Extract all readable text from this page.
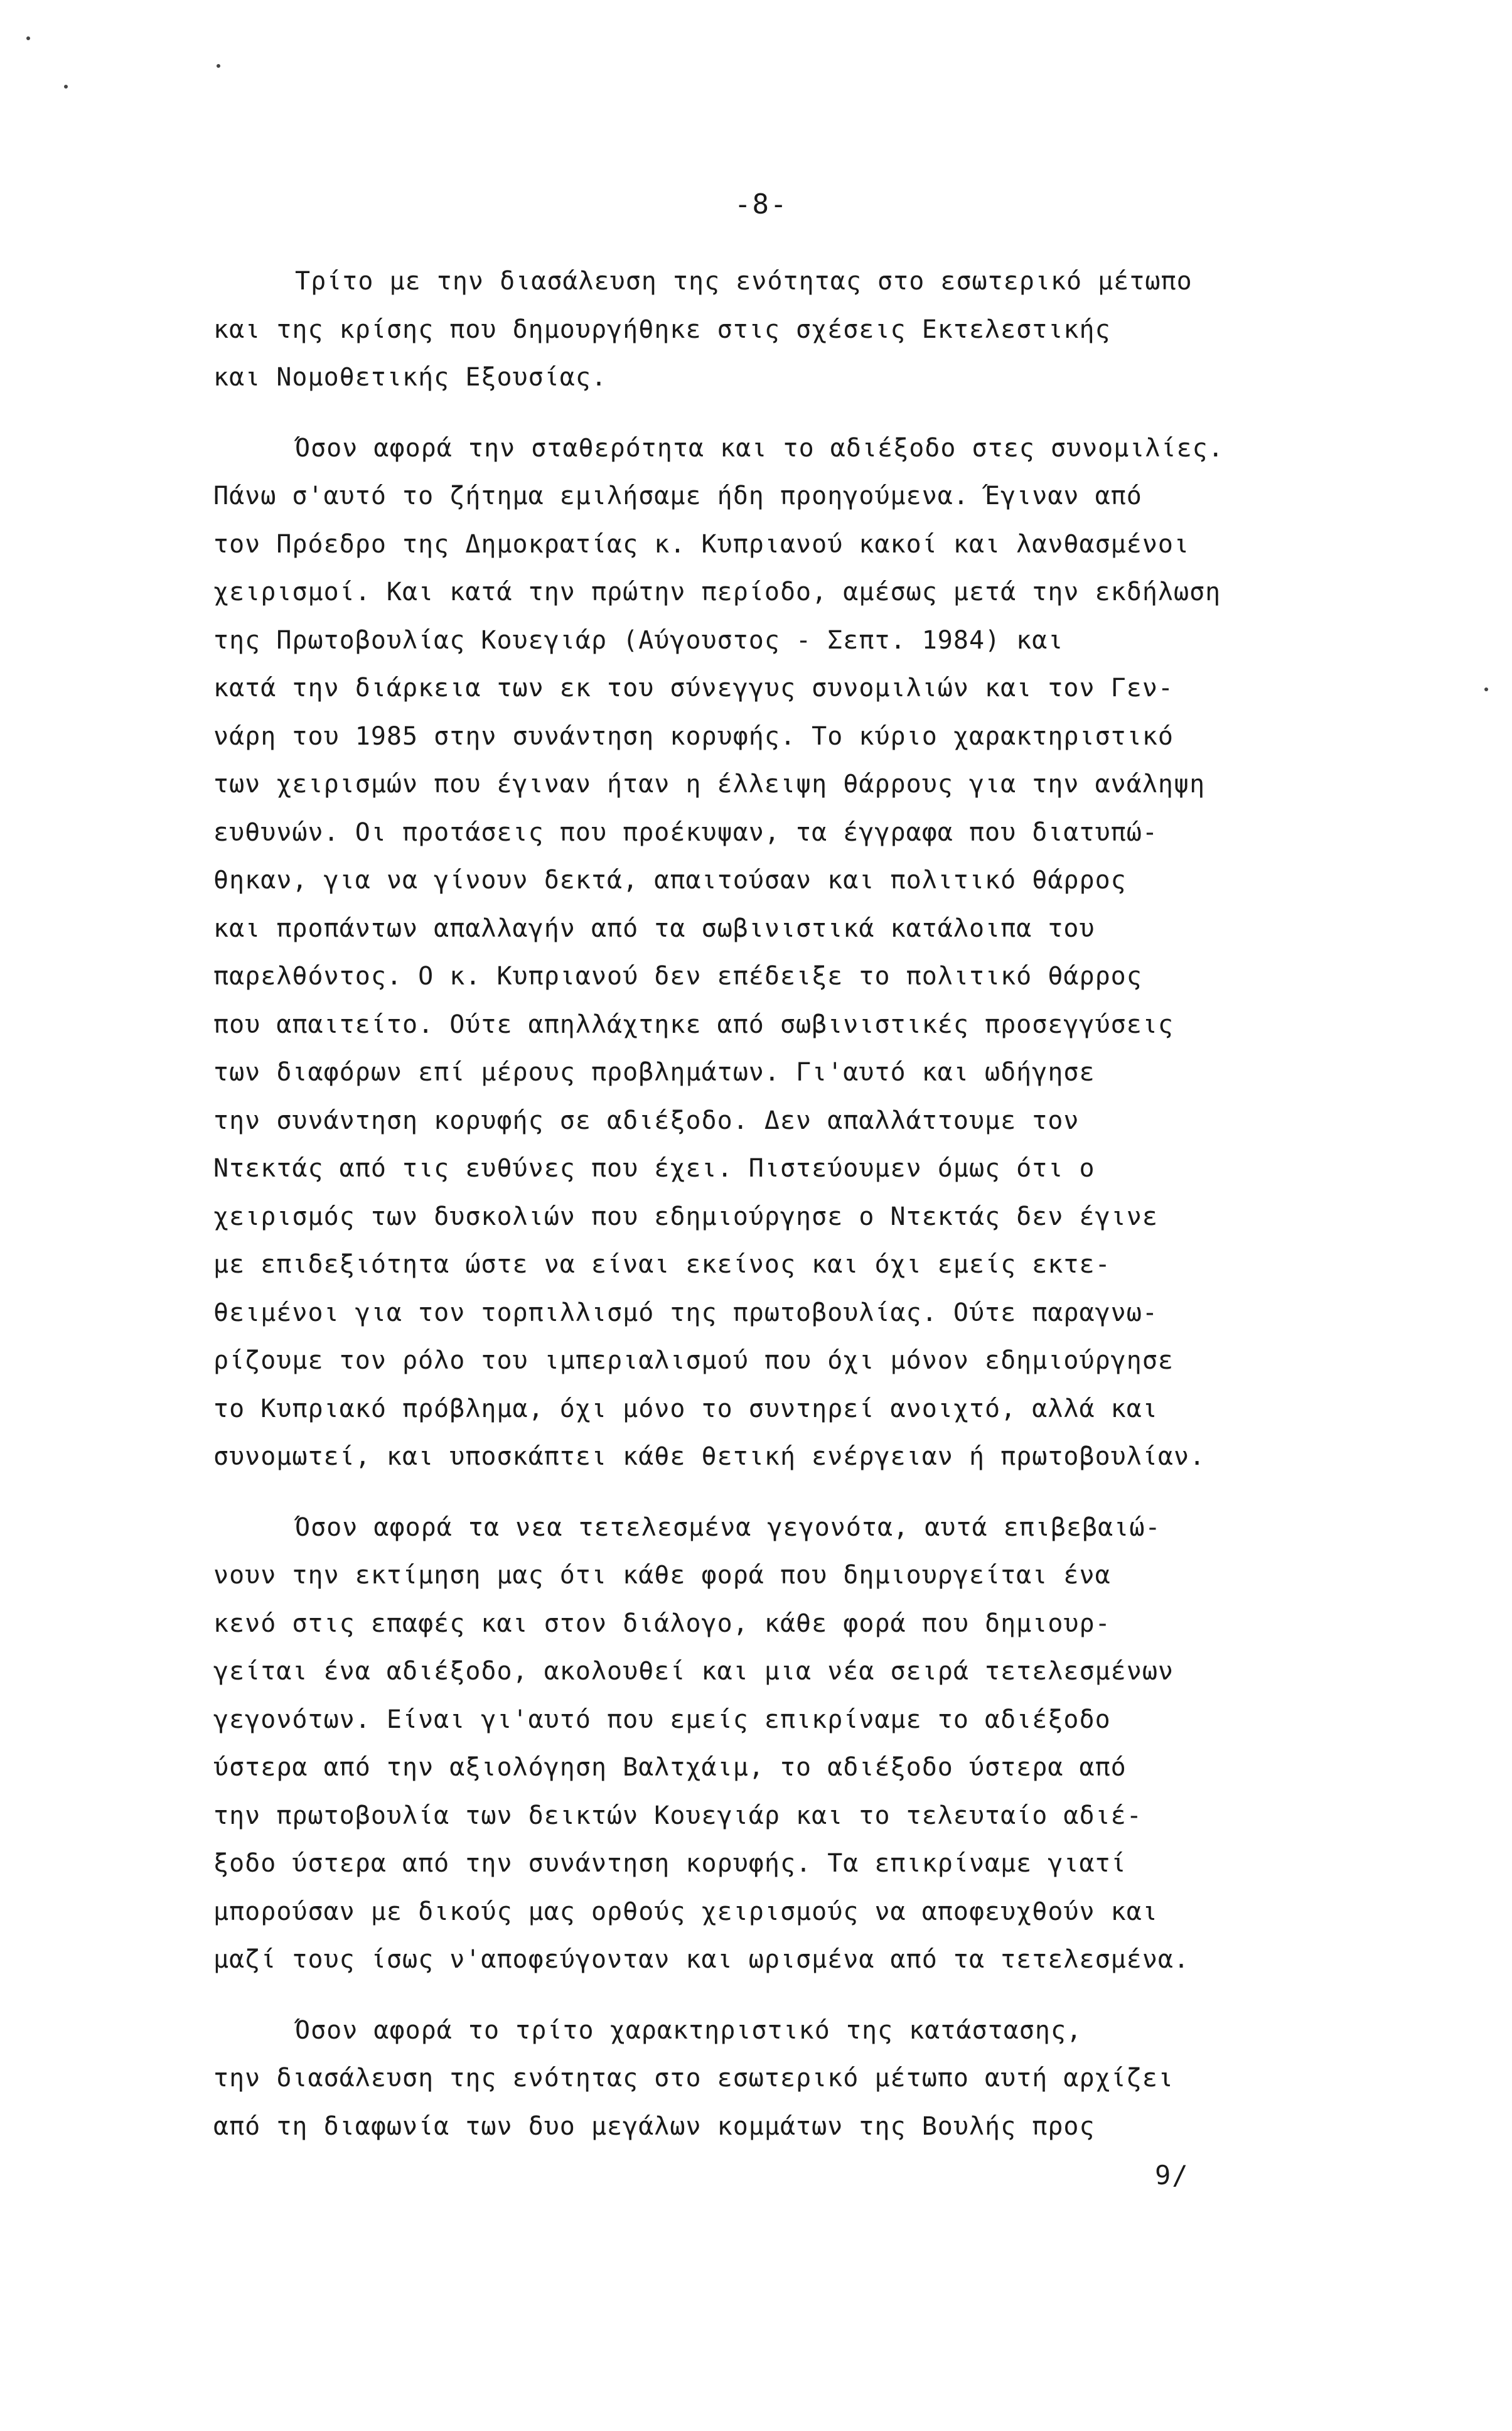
-8-
Τρίτο με την διασάλευση της ενότητας στο εσωτερικό μέτωπο
και της κρίσης που δημουργήθηκε στις σχέσεις Εκτελεστικής
και Νομοθετικής Εξουσίας.
Όσον αφορά την σταθερότητα και το αδιέξοδο στες συνομιλίες.
Πάνω σ'αυτό το ζήτημα εμιλήσαμε ήδη προηγούμενα. Έγιναν από
τον Πρόεδρο της Δημοκρατίας κ. Κυπριανού κακοί και λανθασμένοι
χειρισμοί. Και κατά την πρώτην περίοδο, αμέσως μετά την εκδήλωση
της Πρωτοβουλίας Κουεγιάρ (Αύγουστος - Σεπτ. 1984) και
κατά την διάρκεια των εκ του σύνεγγυς συνομιλιών και τον Γεν-
νάρη του 1985 στην συνάντηση κορυφής. Το κύριο χαρακτηριστικό
των χειρισμών που έγιναν ήταν η έλλειψη θάρρους για την ανάληψη
ευθυνών. Οι προτάσεις που προέκυψαν, τα έγγραφα που διατυπώ-
θηκαν, για να γίνουν δεκτά, απαιτούσαν και πολιτικό θάρρος
και προπάντων απαλλαγήν από τα σωβινιστικά κατάλοιπα του
παρελθόντος. Ο κ. Κυπριανού δεν επέδειξε το πολιτικό θάρρος
που απαιτείτο. Ούτε απηλλάχτηκε από σωβινιστικές προσεγγύσεις
των διαφόρων επί μέρους προβλημάτων. Γι'αυτό και ωδήγησε
την συνάντηση κορυφής σε αδιέξοδο. Δεν απαλλάττουμε τον
Ντεκτάς από τις ευθύνες που έχει. Πιστεύουμεν όμως ότι ο
χειρισμός των δυσκολιών που εδημιούργησε ο Ντεκτάς δεν έγινε
με επιδεξιότητα ώστε να είναι εκείνος και όχι εμείς εκτε-
θειμένοι για τον τορπιλλισμό της πρωτοβουλίας. Ούτε παραγνω-
ρίζουμε τον ρόλο του ιμπεριαλισμού που όχι μόνον εδημιούργησε
το Κυπριακό πρόβλημα, όχι μόνο το συντηρεί ανοιχτό, αλλά και
συνομωτεί, και υποσκάπτει κάθε θετική ενέργειαν ή πρωτοβουλίαν.
Όσον αφορά τα νεα τετελεσμένα γεγονότα, αυτά επιβεβαιώ-
νουν την εκτίμηση μας ότι κάθε φορά που δημιουργείται ένα
κενό στις επαφές και στον διάλογο, κάθε φορά που δημιουρ-
γείται ένα αδιέξοδο, ακολουθεί και μια νέα σειρά τετελεσμένων
γεγονότων. Είναι γι'αυτό που εμείς επικρίναμε το αδιέξοδο
ύστερα από την αξιολόγηση Βαλτχάιμ, το αδιέξοδο ύστερα από
την πρωτοβουλία των δεικτών Κουεγιάρ και το τελευταίο αδιέ-
ξοδο ύστερα από την συνάντηση κορυφής. Τα επικρίναμε γιατί
μπορούσαν με δικούς μας ορθούς χειρισμούς να αποφευχθούν και
μαζί τους ίσως ν'αποφεύγονταν και ωρισμένα από τα τετελεσμένα.
Όσον αφορά το τρίτο χαρακτηριστικό της κατάστασης,
την διασάλευση της ενότητας στο εσωτερικό μέτωπο αυτή αρχίζει
από τη διαφωνία των δυο μεγάλων κομμάτων της Βουλής προς
9/
